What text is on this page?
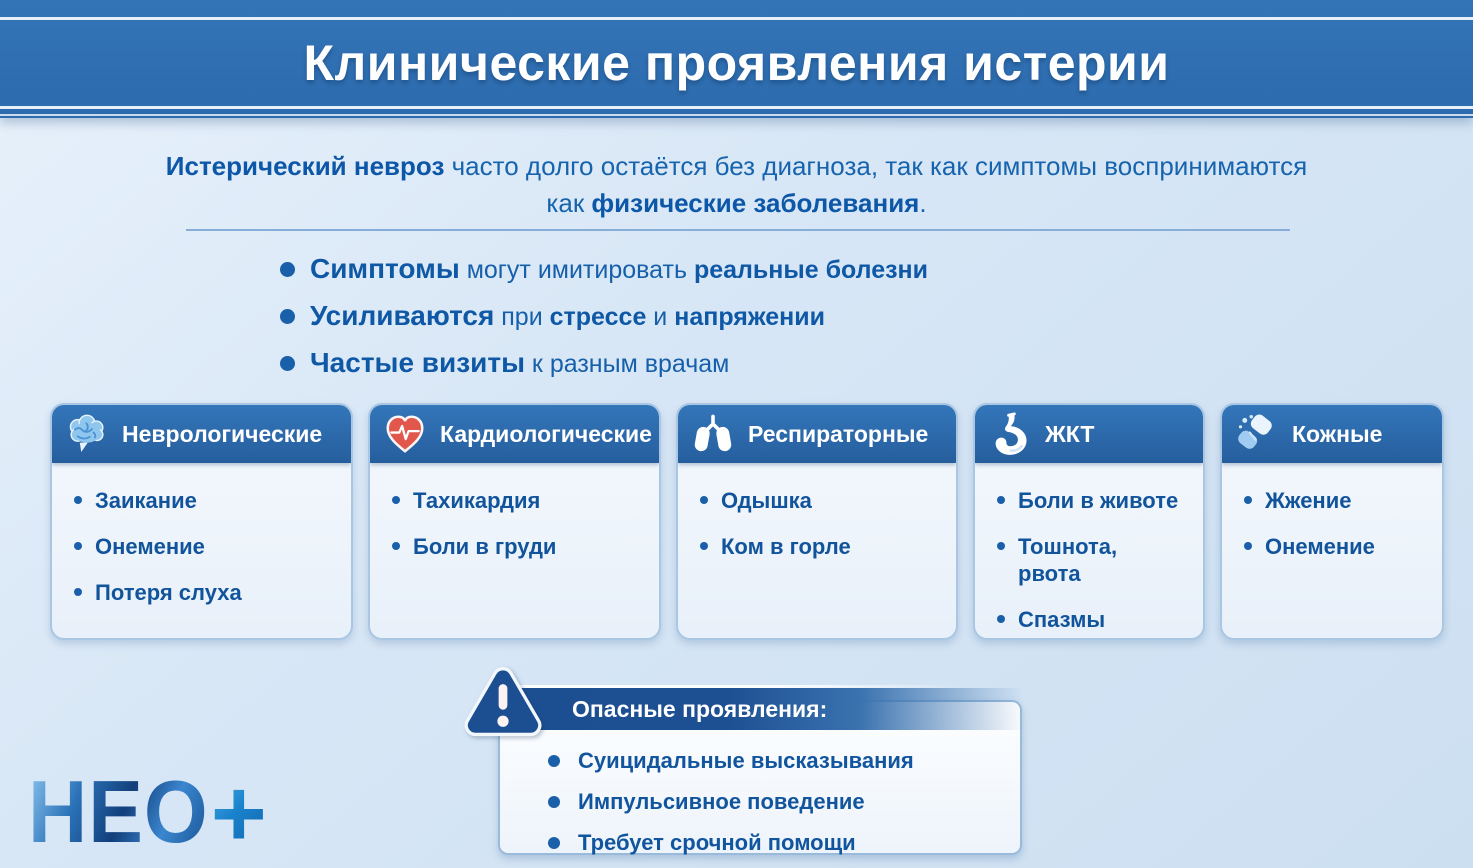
Клинические проявления истерии

Истерический невроз часто долго остаётся без диагноза, так как симптомы воспринимаются как физические заболевания.

Симптомы могут имитировать реальные болезни
Усиливаются при стрессе и напряжении
Частые визиты к разным врачам
Неврологические
Заикание
Онемение
Потеря слуха
Кардиологические
Тахикардия
Боли в груди
Респираторные
Одышка
Ком в горле
ЖКТ
Боли в животе
Тошнота, рвота
Спазмы
Кожные
Жжение
Онемение
Опасные проявления:
Суицидальные высказывания
Импульсивное поведение
Требует срочной помощи
НЕО +
